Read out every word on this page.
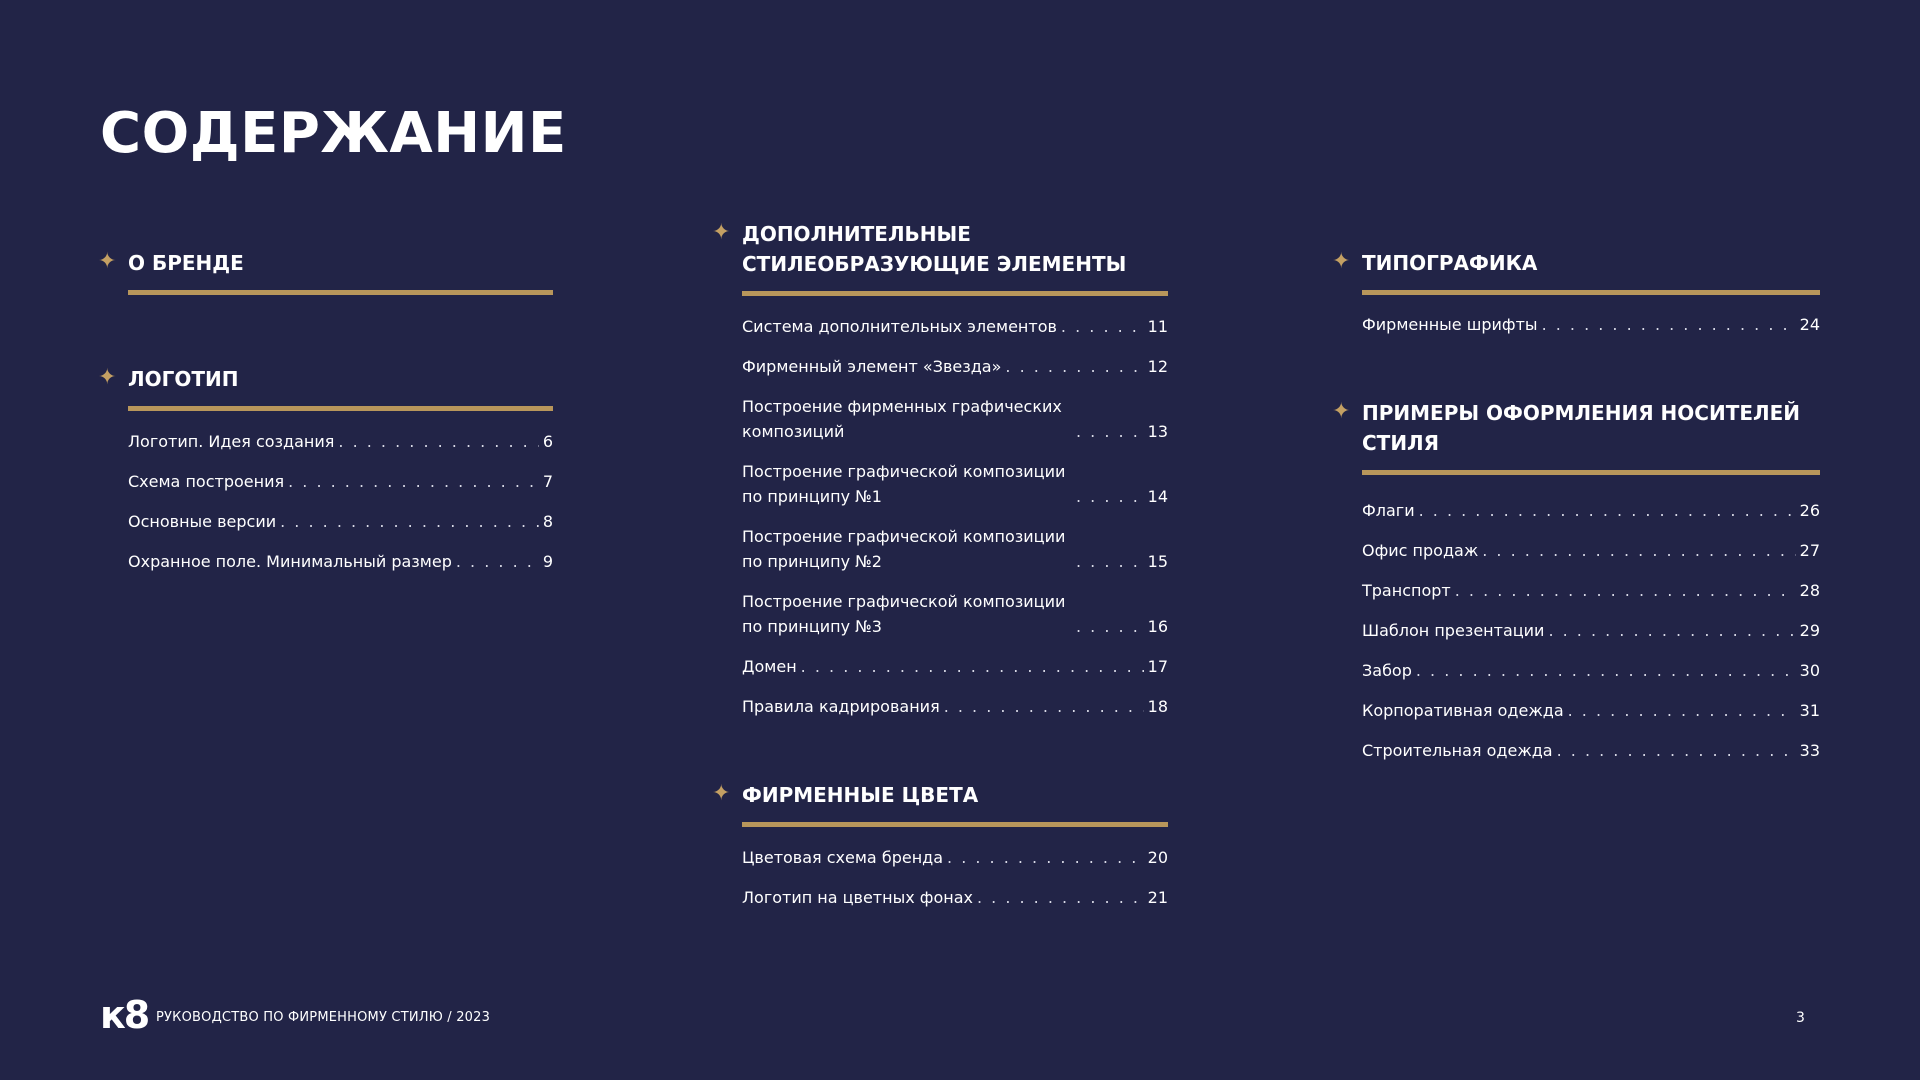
СОДЕРЖАНИЕ
✦ О БРЕНДЕ
✦ ЛОГОТИП
Логотип. Идея создания . . .	6
Схема построения . . .	7
Основные версии . . .	8
Охранное поле. Минимальный размер . . .	9
✦ ДОПОЛНИТЕЛЬНЫЕ
СТИЛЕОБРАЗУЮЩИЕ ЭЛЕМЕНТЫ
Система дополнительных элементов . . .	11
Фирменный элемент «Звезда» . . .	12
Построение фирменных графических композиций . . .	13
Построение графической композиции по принципу №1 . . .	14
Построение графической композиции по принципу №2 . . .	15
Построение графической композиции по принципу №3 . . .	16
Домен . . .	17
Правила кадрирования . . .	18
✦ ФИРМЕННЫЕ ЦВЕТА
Цветовая схема бренда . . .	20
Логотип на цветных фонах . . .	21
✦ ТИПОГРАФИКА
Фирменные шрифты . . .	24
✦ ПРИМЕРЫ ОФОРМЛЕНИЯ НОСИТЕЛЕЙ СТИЛЯ
Флаги . . .	26
Офис продаж . . .	27
Транспорт . . .	28
Шаблон презентации . . .	29
Забор . . .	30
Корпоративная одежда . . .	31
Строительная одежда . . .	33
к8 РУКОВОДСТВО ПО ФИРМЕННОМУ СТИЛЮ / 2023	3
